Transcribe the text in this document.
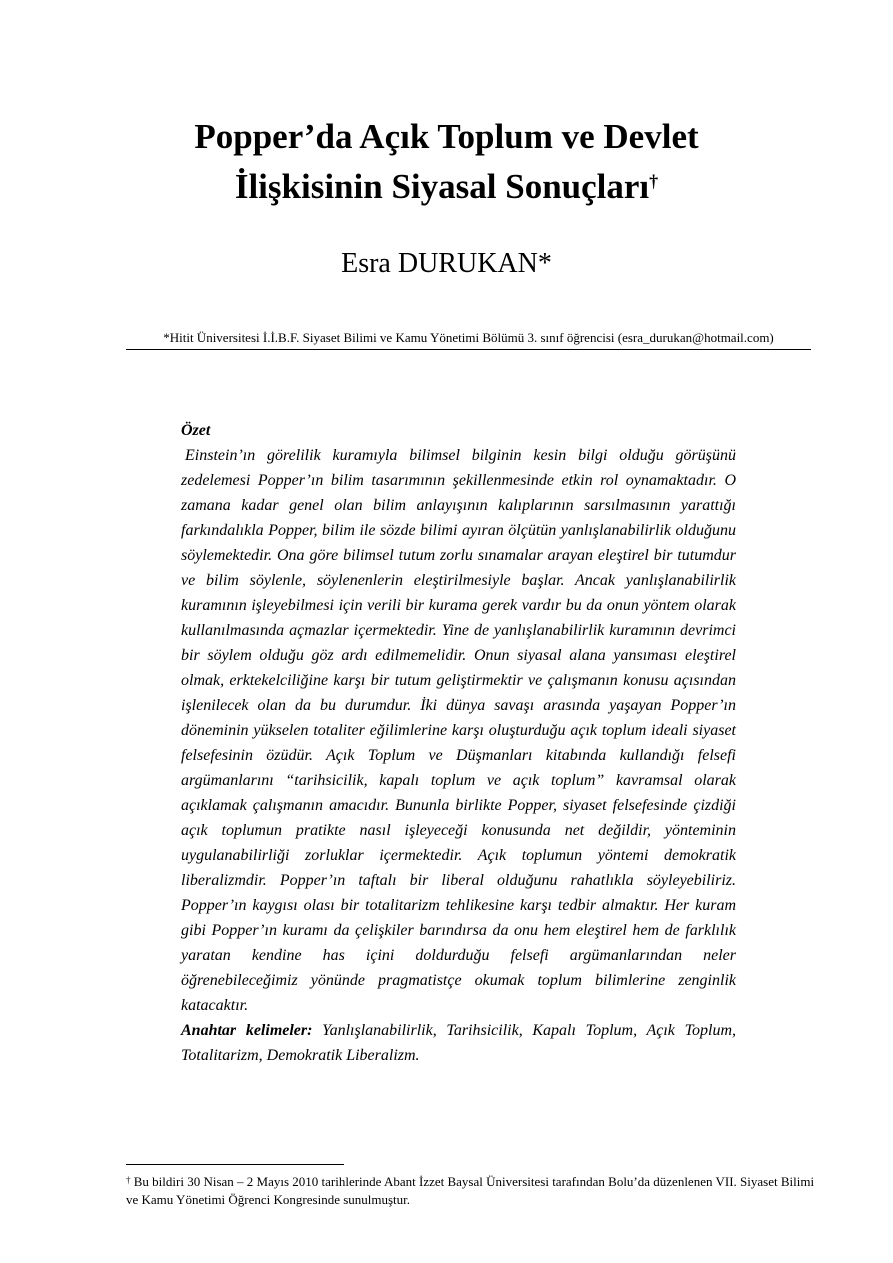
Popper’da Açık Toplum ve Devlet
İlişkisinin Siyasal Sonuçları†

Esra DURUKAN*

*Hitit Üniversitesi İ.İ.B.F. Siyaset Bilimi ve Kamu Yönetimi Bölümü 3. sınıf öğrencisi (esra_durukan@hotmail.com)

Özet

Einstein’ın görelilik kuramıyla bilimsel bilginin kesin bilgi olduğu görüşünü zedelemesi Popper’ın bilim tasarımının şekillenmesinde etkin rol oynamaktadır. O zamana kadar genel olan bilim anlayışının kalıplarının sarsılmasının yarattığı farkındalıkla Popper, bilim ile sözde bilimi ayıran ölçütün yanlışlanabilirlik olduğunu söylemektedir. Ona göre bilimsel tutum zorlu sınamalar arayan eleştirel bir tutumdur ve bilim söylenle, söylenenlerin eleştirilmesiyle başlar. Ancak yanlışlanabilirlik kuramının işleyebilmesi için verili bir kurama gerek vardır bu da onun yöntem olarak kullanılmasında açmazlar içermektedir. Yine de yanlışlanabilirlik kuramının devrimci bir söylem olduğu göz ardı edilmemelidir. Onun siyasal alana yansıması eleştirel olmak, erktekelciliğine karşı bir tutum geliştirmektir ve çalışmanın konusu açısından işlenilecek olan da bu durumdur. İki dünya savaşı arasında yaşayan Popper’ın döneminin yükselen totaliter eğilimlerine karşı oluşturduğu açık toplum ideali siyaset felsefesinin özüdür. Açık Toplum ve Düşmanları kitabında kullandığı felsefi argümanlarını “tarihsicilik, kapalı toplum ve açık toplum” kavramsal olarak açıklamak çalışmanın amacıdır. Bununla birlikte Popper, siyaset felsefesinde çizdiği açık toplumun pratikte nasıl işleyeceği konusunda net değildir, yönteminin uygulanabilirliği zorluklar içermektedir. Açık toplumun yöntemi demokratik liberalizmdir. Popper’ın taftalı bir liberal olduğunu rahatlıkla söyleyebiliriz. Popper’ın kaygısı olası bir totalitarizm tehlikesine karşı tedbir almaktır. Her kuram gibi Popper’ın kuramı da çelişkiler barındırsa da onu hem eleştirel hem de farklılık yaratan kendine has içini doldurduğu felsefi argümanlarından neler öğrenebileceğimiz yönünde pragmatistçe okumak toplum bilimlerine zenginlik katacaktır.

Anahtar kelimeler: Yanlışlanabilirlik, Tarihsicilik, Kapalı Toplum, Açık Toplum, Totalitarizm, Demokratik Liberalizm.

† Bu bildiri 30 Nisan – 2 Mayıs 2010 tarihlerinde Abant İzzet Baysal Üniversitesi tarafından Bolu’da düzenlenen VII. Siyaset Bilimi ve Kamu Yönetimi Öğrenci Kongresinde sunulmuştur.
